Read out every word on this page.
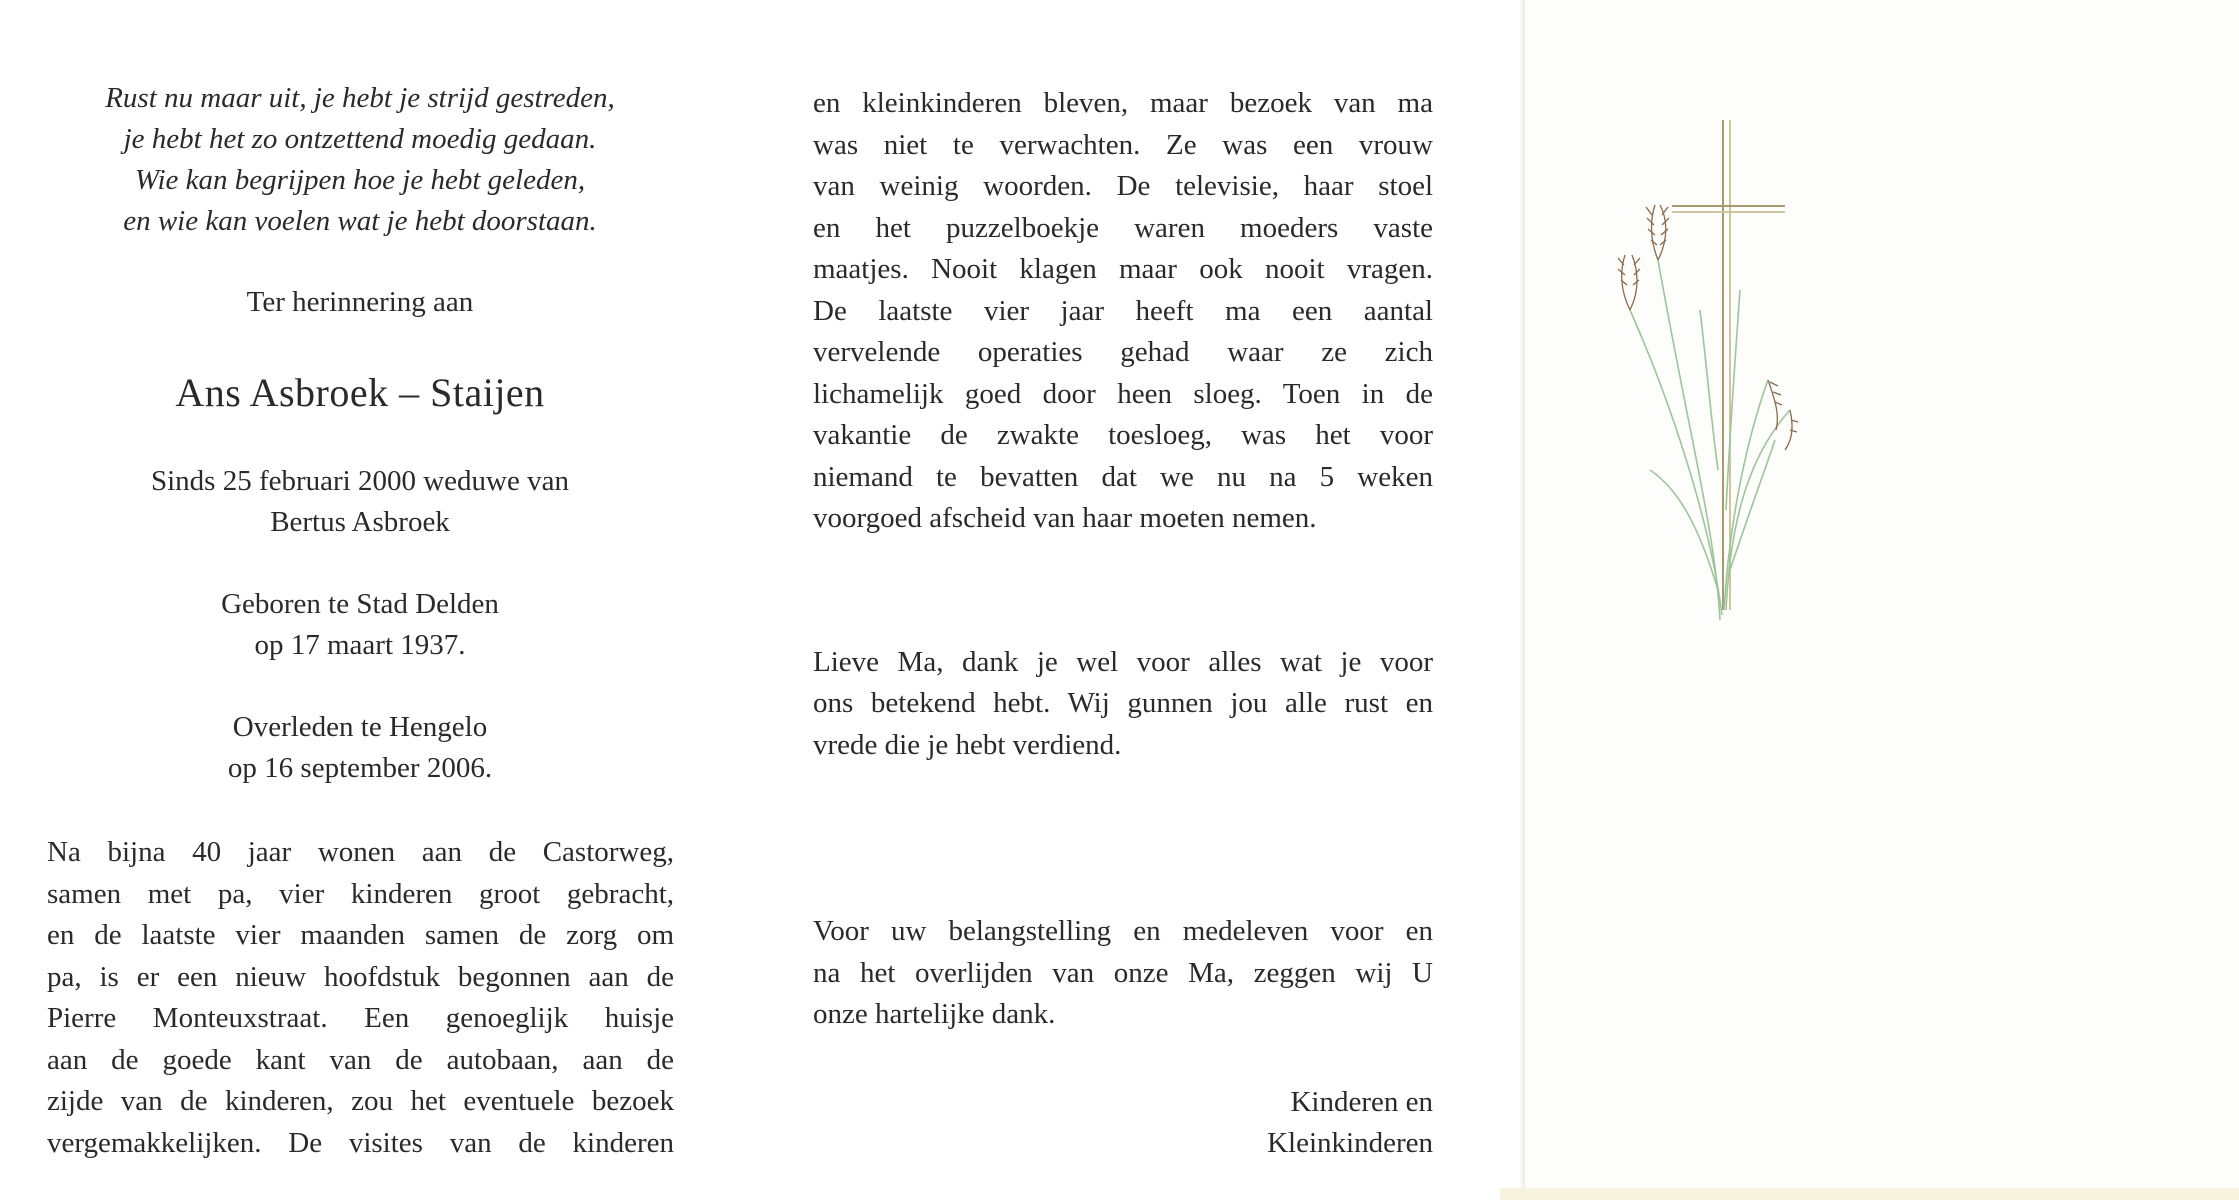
Rust nu maar uit, je hebt je strijd gestreden,
je hebt het zo ontzettend moedig gedaan.
Wie kan begrijpen hoe je hebt geleden,
en wie kan voelen wat je hebt doorstaan.
Ter herinnering aan
Ans Asbroek – Staijen
Sinds 25 februari 2000 weduwe van
Bertus Asbroek
Geboren te Stad Delden
op 17 maart 1937.
Overleden te Hengelo
op 16 september 2006.
Na bijna 40 jaar wonen aan de Castorweg,
samen met pa, vier kinderen groot gebracht,
en de laatste vier maanden samen de zorg om
pa, is er een nieuw hoofdstuk begonnen aan de
Pierre Monteuxstraat. Een genoeglijk huisje
aan de goede kant van de autobaan, aan de
zijde van de kinderen, zou het eventuele bezoek
vergemakkelijken. De visites van de kinderen
en kleinkinderen bleven, maar bezoek van ma
was niet te verwachten. Ze was een vrouw
van weinig woorden. De televisie, haar stoel
en het puzzelboekje waren moeders vaste
maatjes. Nooit klagen maar ook nooit vragen.
De laatste vier jaar heeft ma een aantal
vervelende operaties gehad waar ze zich
lichamelijk goed door heen sloeg. Toen in de
vakantie de zwakte toesloeg, was het voor
niemand te bevatten dat we nu na 5 weken
voorgoed afscheid van haar moeten nemen.
Lieve Ma, dank je wel voor alles wat je voor
ons betekend hebt. Wij gunnen jou alle rust en
vrede die je hebt verdiend.
Voor uw belangstelling en medeleven voor en
na het overlijden van onze Ma, zeggen wij U
onze hartelijke dank.
Kinderen en
Kleinkinderen
